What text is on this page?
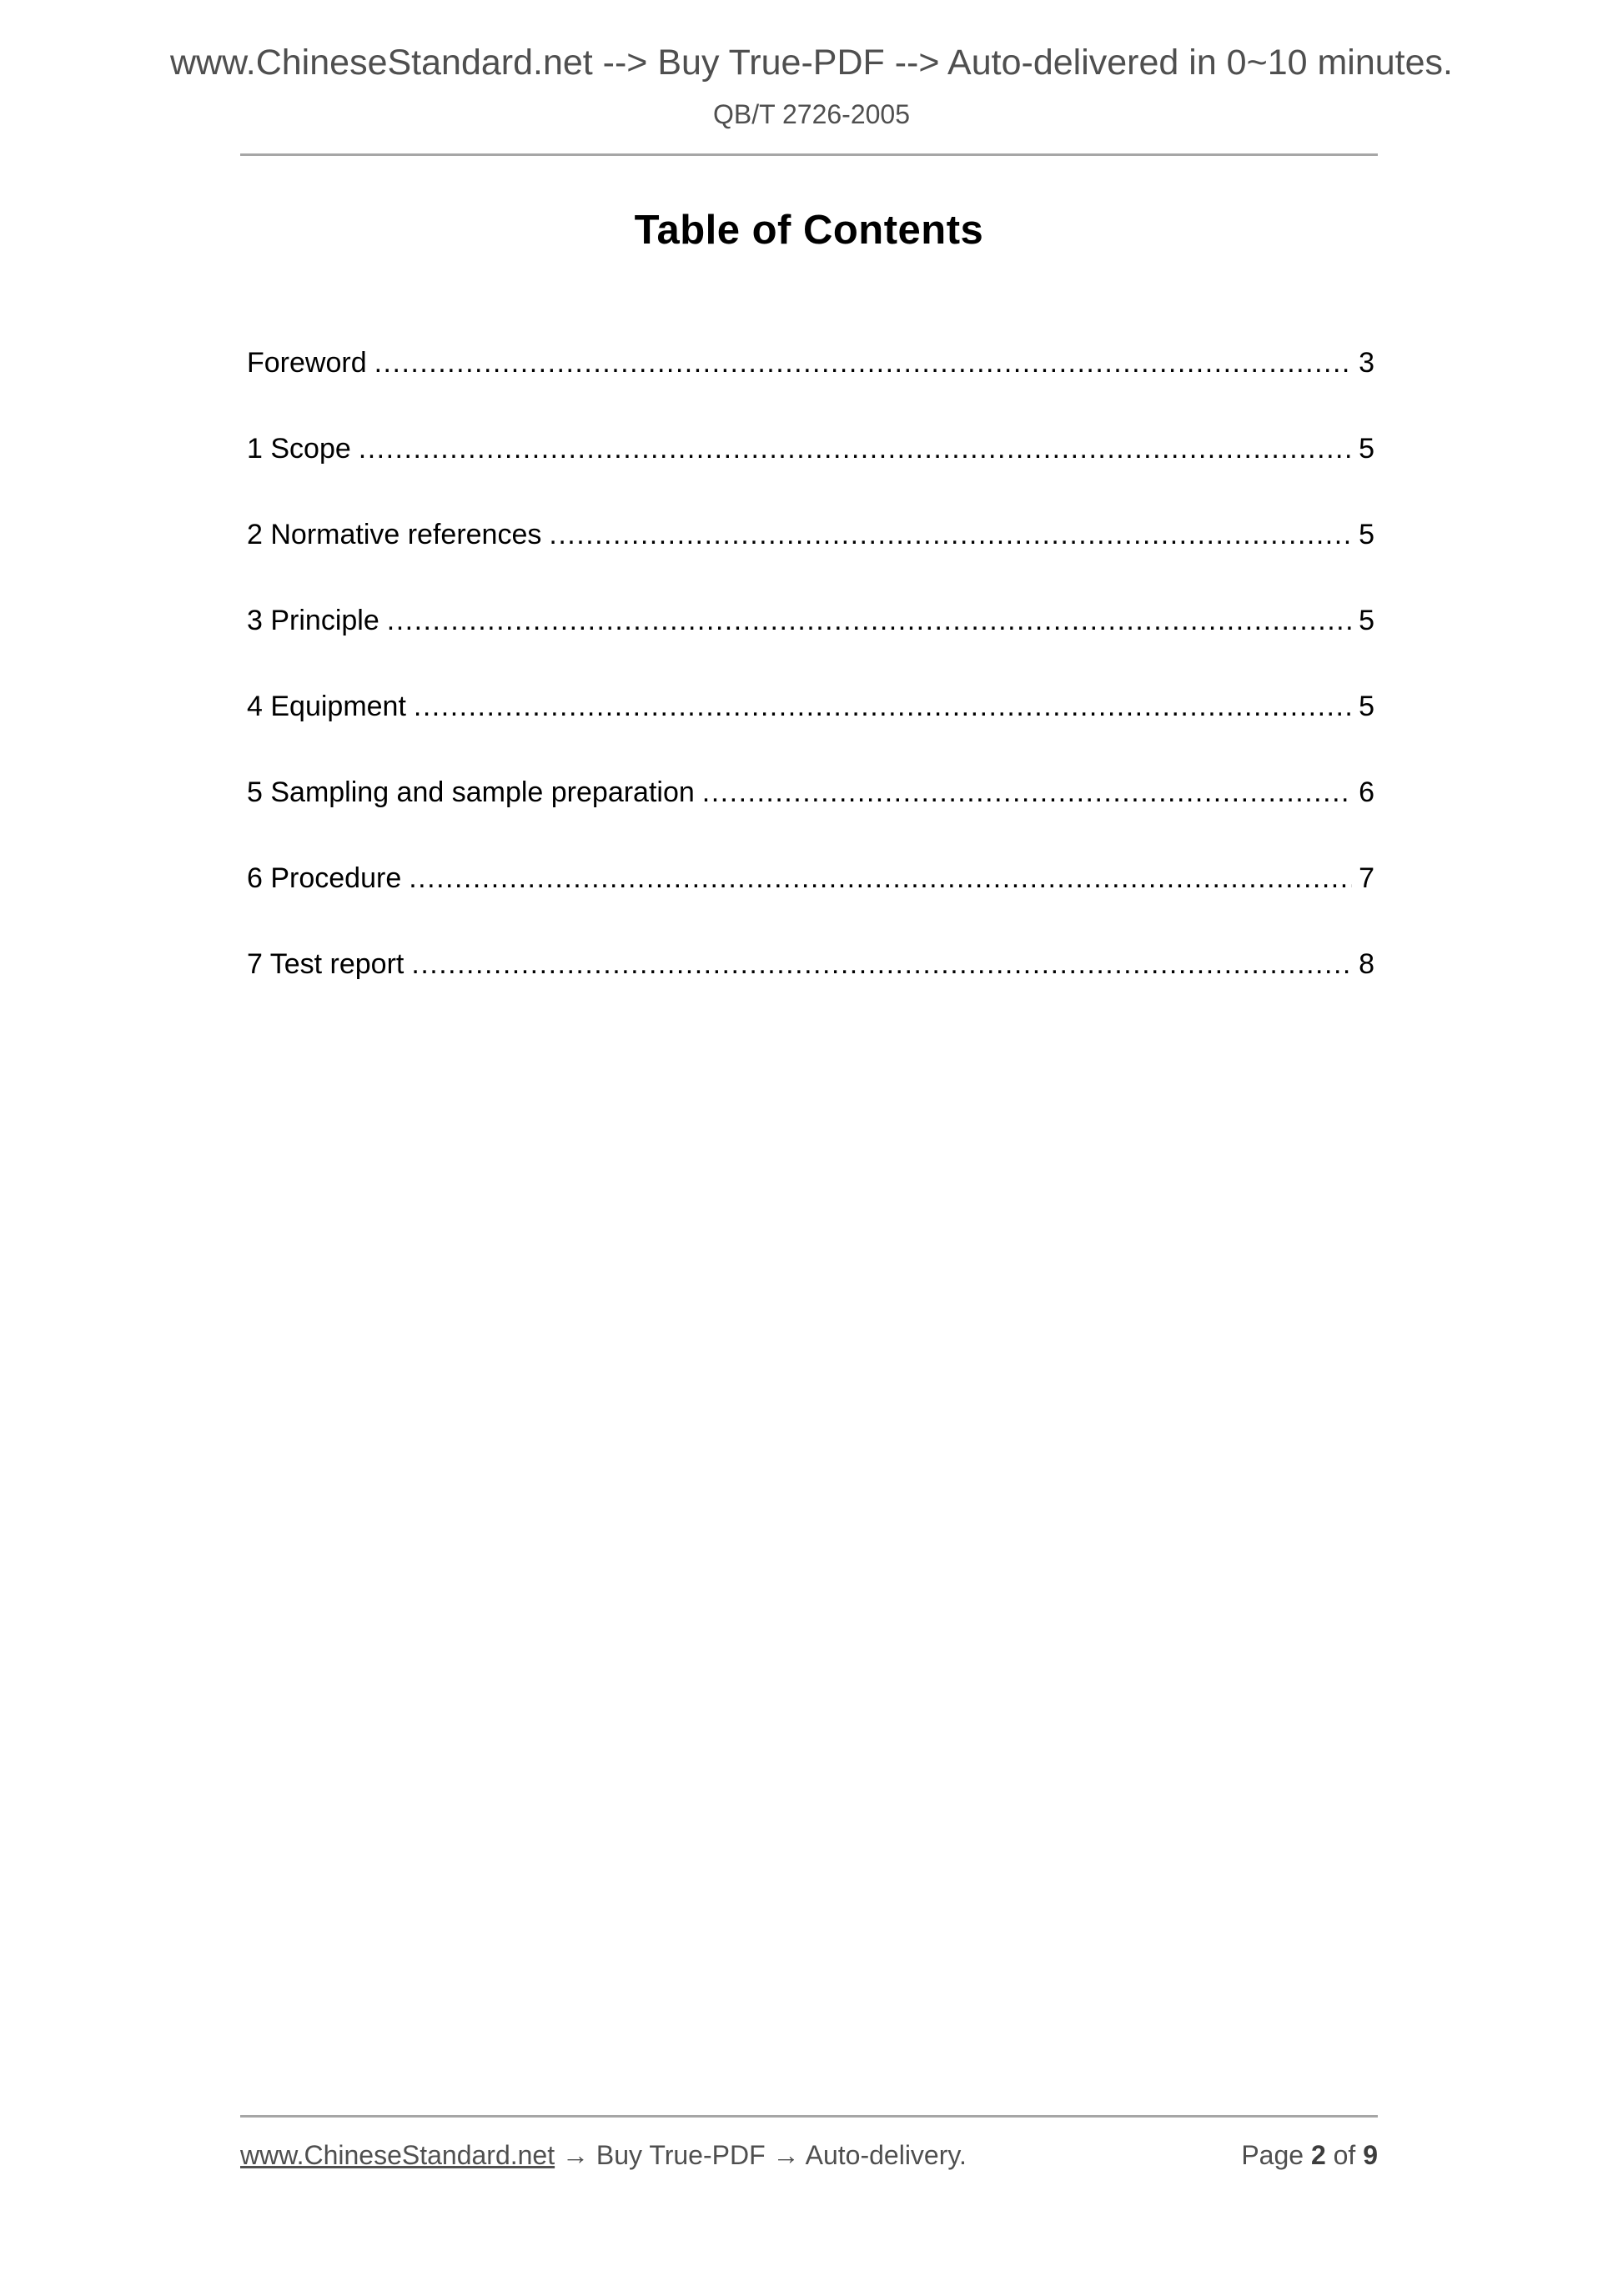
www.ChineseStandard.net --> Buy True-PDF --> Auto-delivered in 0~10 minutes.
QB/T 2726-2005
Table of Contents
Foreword .....	3
1 Scope .....	5
2 Normative references .....	5
3 Principle .....	5
4 Equipment .....	5
5 Sampling and sample preparation .....	6
6 Procedure .....	7
7 Test report .....	8
www.ChineseStandard.net → Buy True-PDF → Auto-delivery.	Page 2 of 9
